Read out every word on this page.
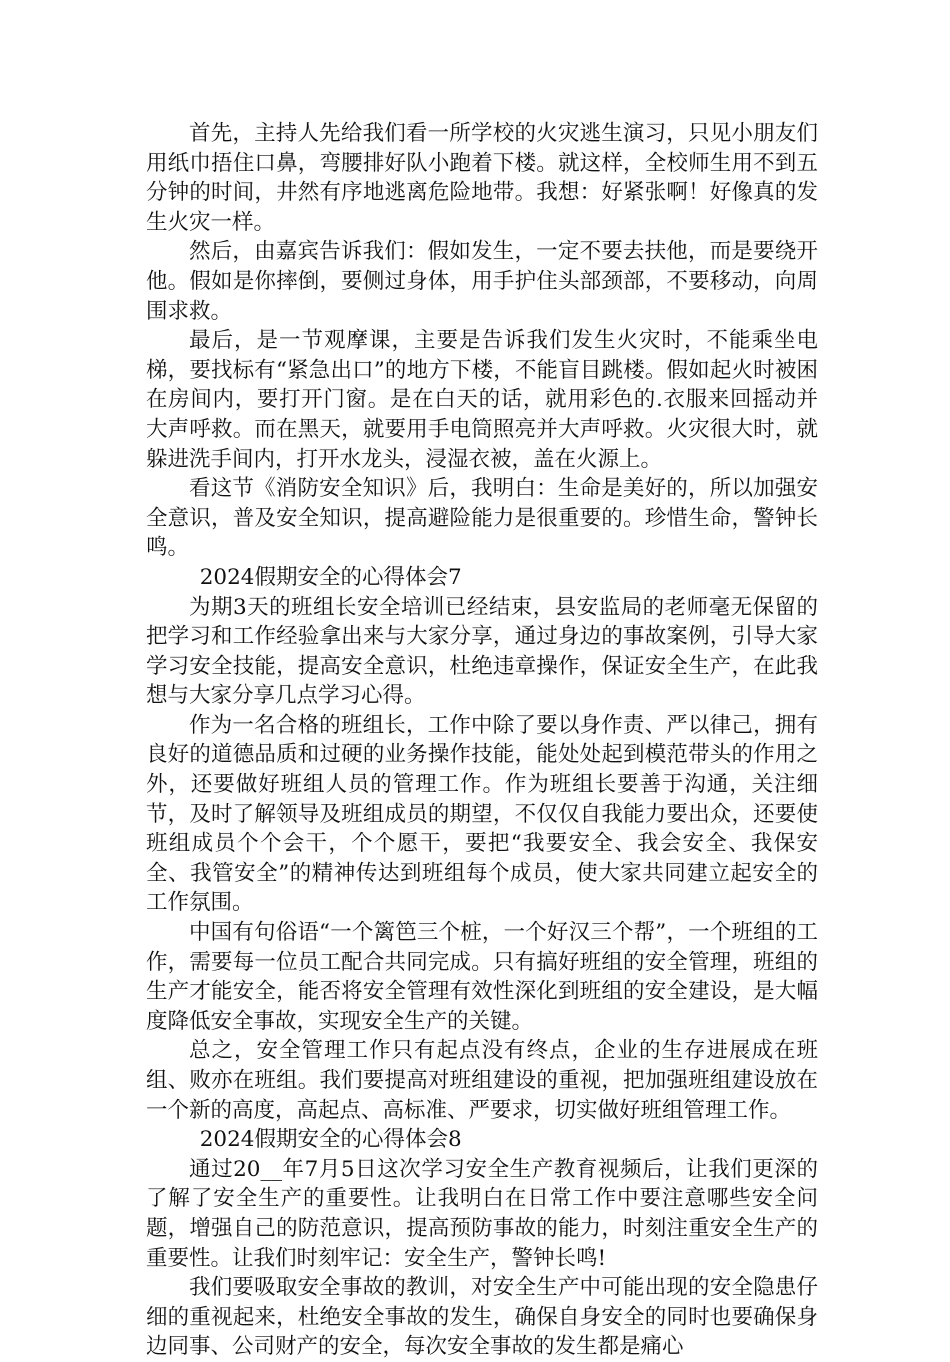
首先，主持人先给我们看一所学校的火灾逃生演习，只见小朋友们用纸巾捂住口鼻，弯腰排好队小跑着下楼。就这样，全校师生用不到五分钟的时间，井然有序地逃离危险地带。我想：好紧张啊！好像真的发生火灾一样。

然后，由嘉宾告诉我们：假如发生，一定不要去扶他，而是要绕开他。假如是你摔倒，要侧过身体，用手护住头部颈部，不要移动，向周围求救。

最后，是一节观摩课，主要是告诉我们发生火灾时，不能乘坐电梯，要找标有“紧急出口”的地方下楼，不能盲目跳楼。假如起火时被困在房间内，要打开门窗。是在白天的话，就用彩色的.衣服来回摇动并大声呼救。而在黑天，就要用手电筒照亮并大声呼救。火灾很大时，就躲进洗手间内，打开水龙头，浸湿衣被，盖在火源上。

看这节《消防安全知识》后，我明白：生命是美好的，所以加强安全意识，普及安全知识，提高避险能力是很重要的。珍惜生命，警钟长鸣。

2024假期安全的心得体会7

为期3天的班组长安全培训已经结束，县安监局的老师毫无保留的把学习和工作经验拿出来与大家分享，通过身边的事故案例，引导大家学习安全技能，提高安全意识，杜绝违章操作，保证安全生产，在此我想与大家分享几点学习心得。

作为一名合格的班组长，工作中除了要以身作责、严以律己，拥有良好的道德品质和过硬的业务操作技能，能处处起到模范带头的作用之外，还要做好班组人员的管理工作。作为班组长要善于沟通，关注细节，及时了解领导及班组成员的期望，不仅仅自我能力要出众，还要使班组成员个个会干，个个愿干，要把“我要安全、我会安全、我保安全、我管安全”的精神传达到班组每个成员，使大家共同建立起安全的工作氛围。

中国有句俗语“一个篱笆三个桩，一个好汉三个帮”，一个班组的工作，需要每一位员工配合共同完成。只有搞好班组的安全管理，班组的生产才能安全，能否将安全管理有效性深化到班组的安全建设，是大幅度降低安全事故，实现安全生产的关键。

总之，安全管理工作只有起点没有终点，企业的生存进展成在班组、败亦在班组。我们要提高对班组建设的重视，把加强班组建设放在一个新的高度，高起点、高标准、严要求，切实做好班组管理工作。

2024假期安全的心得体会8

通过20__年7月5日这次学习安全生产教育视频后，让我们更深的了解了安全生产的重要性。让我明白在日常工作中要注意哪些安全问题，增强自己的防范意识，提高预防事故的能力，时刻注重安全生产的重要性。让我们时刻牢记：安全生产，警钟长鸣!

我们要吸取安全事故的教训，对安全生产中可能出现的安全隐患仔细的重视起来，杜绝安全事故的发生，确保自身安全的同时也要确保身边同事、公司财产的安全，每次安全事故的发生都是痛心
